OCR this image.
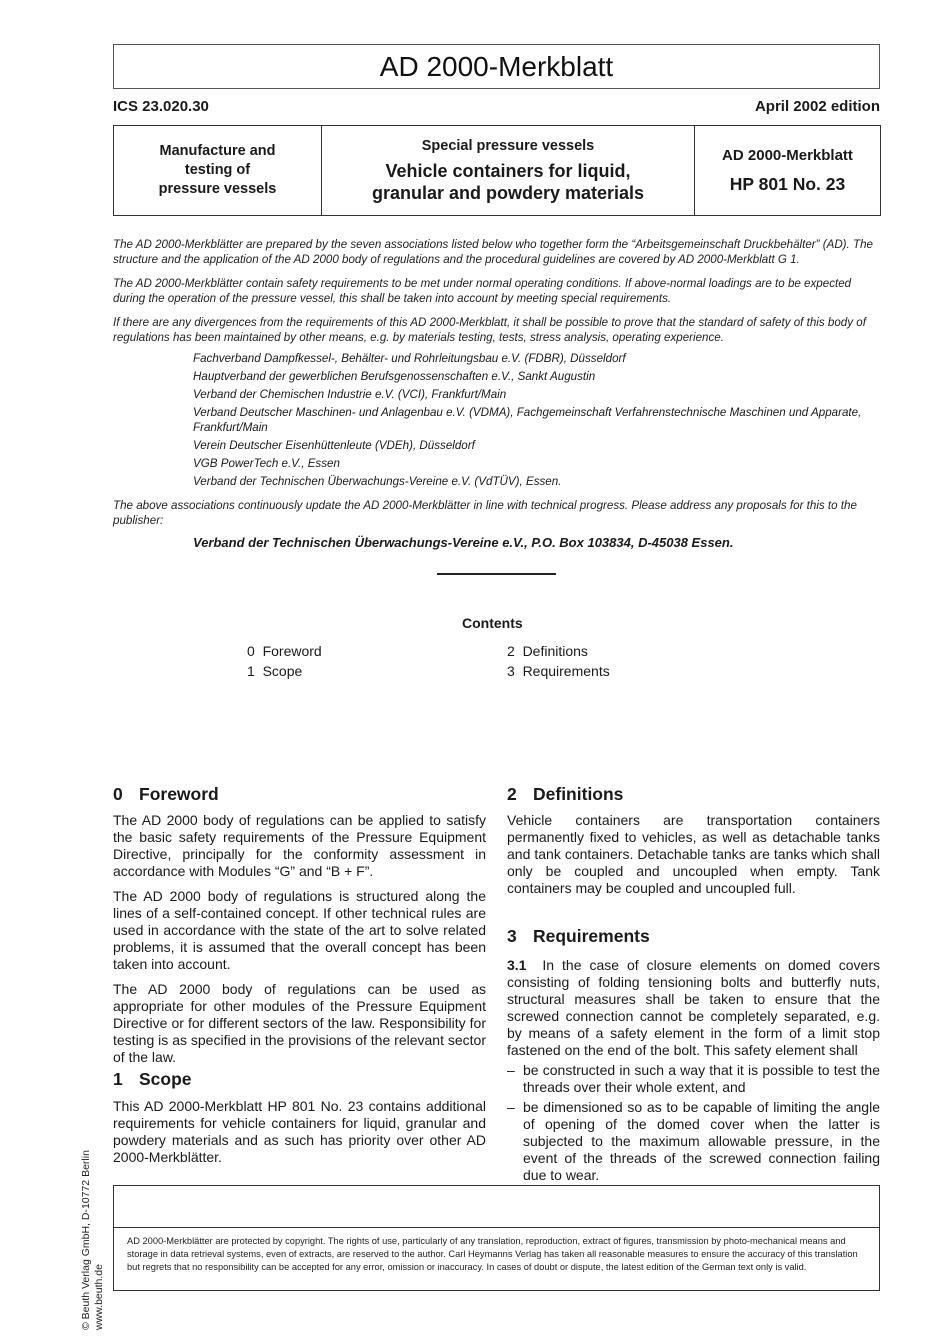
AD 2000-Merkblatt
ICS 23.020.30	April 2002 edition
Manufacture and
testing of
pressure vessels
Special pressure vessels
Vehicle containers for liquid,
granular and powdery materials
AD 2000-Merkblatt
HP 801 No. 23
The AD 2000-Merkblätter are prepared by the seven associations listed below who together form the “Arbeitsgemeinschaft Druckbehälter” (AD). The structure and the application of the AD 2000 body of regulations and the procedural guidelines are covered by AD 2000-Merkblatt G 1.
The AD 2000-Merkblätter contain safety requirements to be met under normal operating conditions. If above-normal loadings are to be expected during the operation of the pressure vessel, this shall be taken into account by meeting special requirements.
If there are any divergences from the requirements of this AD 2000-Merkblatt, it shall be possible to prove that the standard of safety of this body of regulations has been maintained by other means, e.g. by materials testing, tests, stress analysis, operating experience.
Fachverband Dampfkessel-, Behälter- und Rohrleitungsbau e.V. (FDBR), Düsseldorf
Hauptverband der gewerblichen Berufsgenossenschaften e.V., Sankt Augustin
Verband der Chemischen Industrie e.V. (VCI), Frankfurt/Main
Verband Deutscher Maschinen- und Anlagenbau e.V. (VDMA), Fachgemeinschaft Verfahrenstechnische Maschinen und Apparate, Frankfurt/Main
Verein Deutscher Eisenhüttenleute (VDEh), Düsseldorf
VGB PowerTech e.V., Essen
Verband der Technischen Überwachungs-Vereine e.V. (VdTÜV), Essen.
The above associations continuously update the AD 2000-Merkblätter in line with technical progress. Please address any proposals for this to the publisher:
Verband der Technischen Überwachungs-Vereine e.V., P.O. Box 103834, D-45038 Essen.
Contents
0  Foreword
1  Scope
2  Definitions
3  Requirements
0 Foreword

The AD 2000 body of regulations can be applied to satisfy the basic safety requirements of the Pressure Equipment Directive, principally for the conformity assessment in accordance with Modules “G” and “B + F”.

The AD 2000 body of regulations is structured along the lines of a self-contained concept. If other technical rules are used in accordance with the state of the art to solve related problems, it is assumed that the overall concept has been taken into account.

The AD 2000 body of regulations can be used as appropriate for other modules of the Pressure Equipment Directive or for different sectors of the law. Responsibility for testing is as specified in the provisions of the relevant sector of the law.

1 Scope

This AD 2000-Merkblatt HP 801 No. 23 contains additional requirements for vehicle containers for liquid, granular and powdery materials and as such has priority over other AD 2000-Merkblätter.

2 Definitions

Vehicle containers are transportation containers permanently fixed to vehicles, as well as detachable tanks and tank containers. Detachable tanks are tanks which shall only be coupled and uncoupled when empty. Tank containers may be coupled and uncoupled full.

3 Requirements

3.1 In the case of closure elements on domed covers consisting of folding tensioning bolts and butterfly nuts, structural measures shall be taken to ensure that the screwed connection cannot be completely separated, e.g. by means of a safety element in the form of a limit stop fastened on the end of the bolt. This safety element shall

– be constructed in such a way that it is possible to test the threads over their whole extent, and
– be dimensioned so as to be capable of limiting the angle of opening of the domed cover when the latter is subjected to the maximum allowable pressure, in the event of the threads of the screwed connection failing due to wear.
AD 2000-Merkblätter are protected by copyright. The rights of use, particularly of any translation, reproduction, extract of figures, transmission by photo-mechanical means and storage in data retrieval systems, even of extracts, are reserved to the author. Carl Heymanns Verlag has taken all reasonable measures to ensure the accuracy of this translation but regrets that no responsibility can be accepted for any error, omission or inaccuracy. In cases of doubt or dispute, the latest edition of the German text only is valid.
© Beuth Verlag GmbH, D-10772 Berlin www.beuth.de
